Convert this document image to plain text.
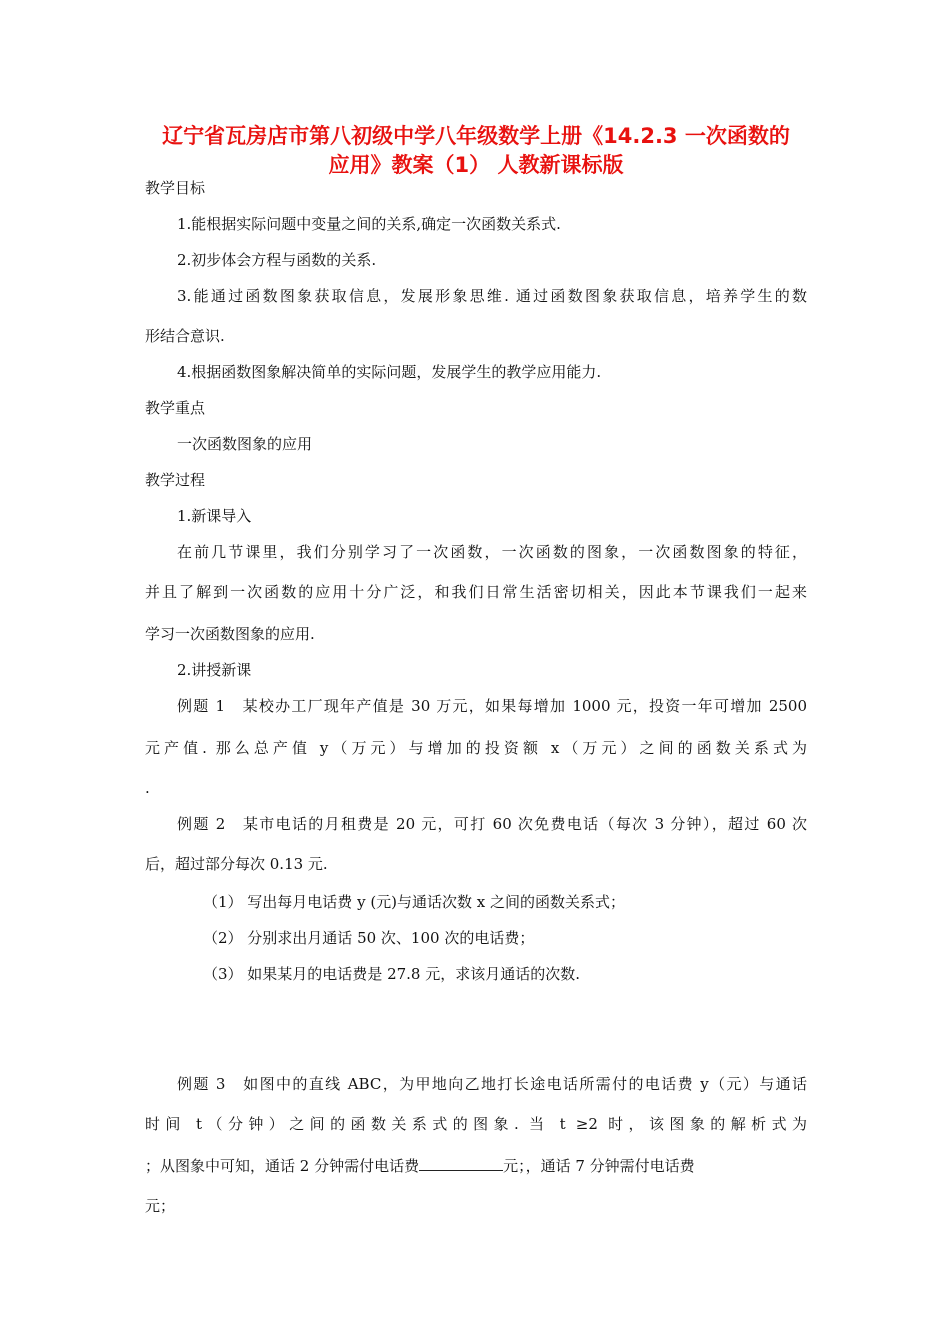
辽宁省瓦房店市第八初级中学八年级数学上册《14.2.3 一次函数的
应用》教案（1） 人教新课标版
教学目标
1.能根据实际问题中变量之间的关系,确定一次函数关系式.
2.初步体会方程与函数的关系.
3.能通过函数图象获取信息，发展形象思维. 通过函数图象获取信息，培养学生的数
形结合意识.
4.根据函数图象解决简单的实际问题，发展学生的教学应用能力.
教学重点
一次函数图象的应用
教学过程
1.新课导入
在前几节课里，我们分别学习了一次函数，一次函数的图象，一次函数图象的特征，
并且了解到一次函数的应用十分广泛，和我们日常生活密切相关，因此本节课我们一起来
学习一次函数图象的应用.
2.讲授新课
例题 1　某校办工厂现年产值是 30 万元，如果每增加 1000 元，投资一年可增加 2500
元产值. 那么总产值 y（万元）与增加的投资额 x（万元）之间的函数关系式为
.
例题 2　某市电话的月租费是 20 元，可打 60 次免费电话（每次 3 分钟），超过 60 次
后，超过部分每次 0.13 元.
（1） 写出每月电话费 y (元)与通话次数 x 之间的函数关系式；
（2） 分别求出月通话 50 次、100 次的电话费；
（3） 如果某月的电话费是 27.8 元，求该月通话的次数.
例题 3　如图中的直线 ABC，为甲地向乙地打长途电话所需付的电话费 y（元）与通话
时间 t（分钟）之间的函数关系式的图象. 当 t ≥2 时，该图象的解析式为
；从图象中可知，通话 2 分钟需付电话费	元；，通话 7 分钟需付电话费
元；
